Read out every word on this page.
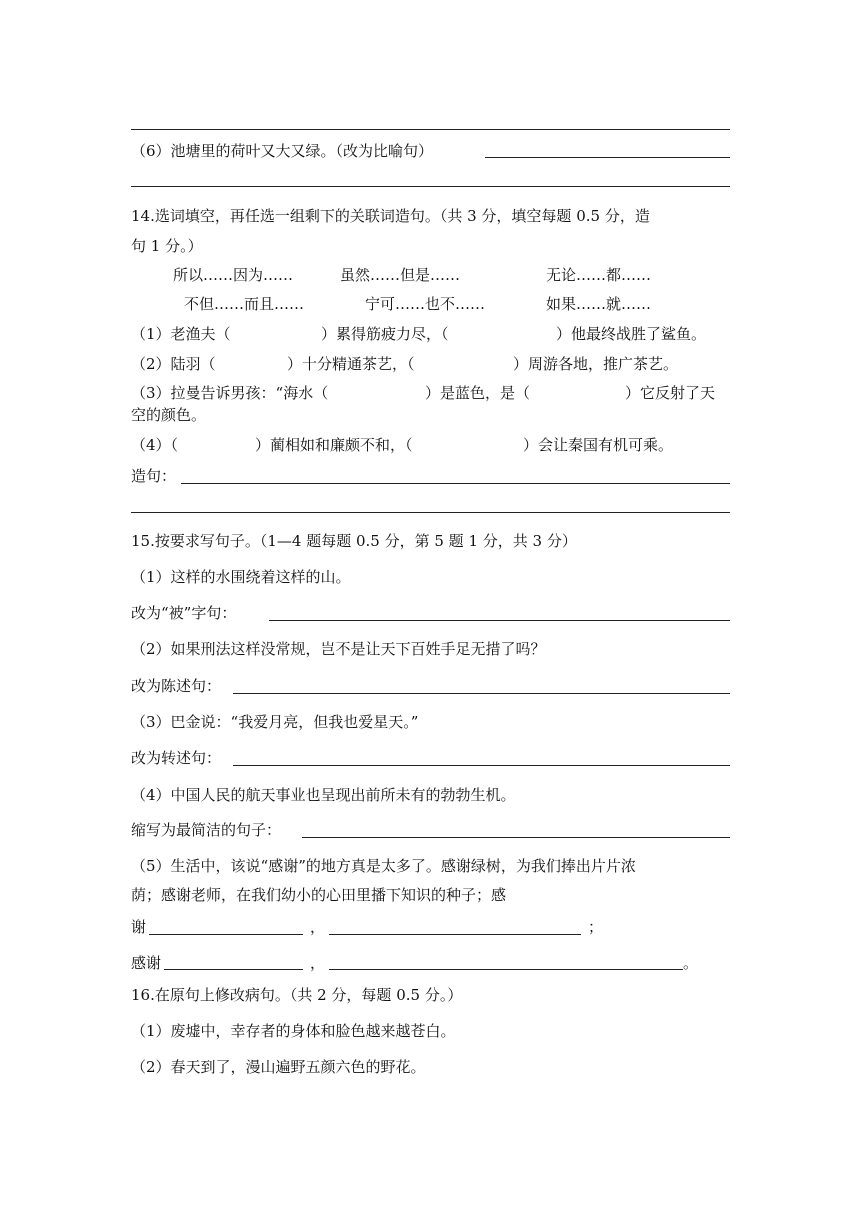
（6）池塘里的荷叶又大又绿。（改为比喻句）
14.选词填空，再任选一组剩下的关联词造句。（共 3 分，填空每题 0.5 分，造
句 1 分。）
所以……因为……	虽然……但是……	无论……都……
不但……而且……	宁可……也不……	如果……就……
（1）老渔夫（	）累得筋疲力尽，（	）他最终战胜了鲨鱼。
（2）陆羽（	）十分精通茶艺，（	）周游各地，推广茶艺。
（3）拉曼告诉男孩：“海水（	）是蓝色，是（	）它反射了天
空的颜色。
（4）（	）蔺相如和廉颇不和，（	）会让秦国有机可乘。
造句：
15.按要求写句子。（1—4 题每题 0.5 分，第 5 题 1 分，共 3 分）
（1）这样的水围绕着这样的山。
改为“被”字句：
（2）如果刑法这样没常规，岂不是让天下百姓手足无措了吗？
改为陈述句：
（3）巴金说：“我爱月亮，但我也爱星天。”
改为转述句：
（4）中国人民的航天事业也呈现出前所未有的勃勃生机。
缩写为最简洁的句子：
（5）生活中，该说“感谢”的地方真是太多了。感谢绿树，为我们捧出片片浓
荫；感谢老师，在我们幼小的心田里播下知识的种子；感
谢	，	；
感谢	，	。
16.在原句上修改病句。（共 2 分，每题 0.5 分。）
（1）废墟中，幸存者的身体和脸色越来越苍白。
（2）春天到了，漫山遍野五颜六色的野花。
